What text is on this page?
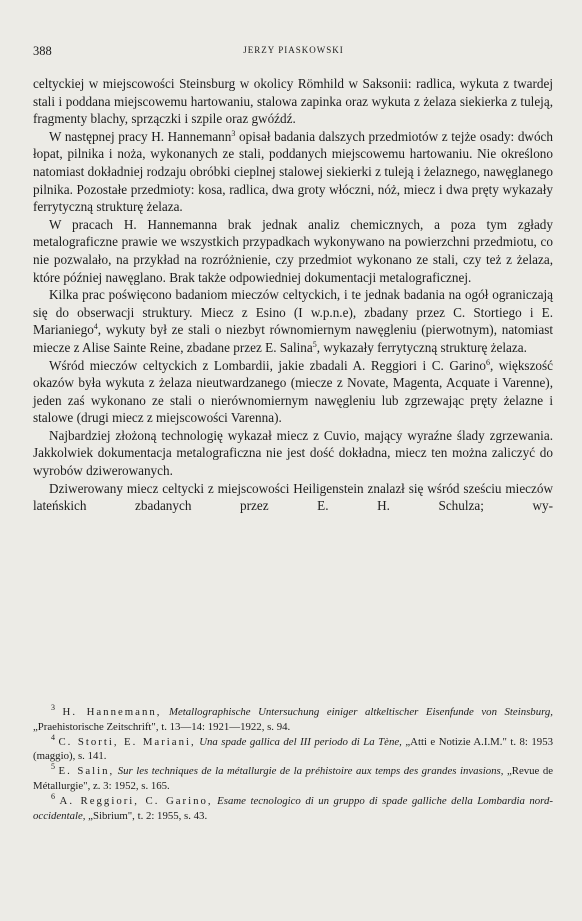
388	JERZY PIASKOWSKI

celtyckiej w miejscowości Steinsburg w okolicy Römhild w Saksonii: radlica, wykuta z twardej stali i poddana miejscowemu hartowaniu, stalowa zapinka oraz wykuta z żelaza siekierka z tuleją, fragmenty blachy, sprzączki i szpile oraz gwóźdź.

W następnej pracy H. Hannemann$^3$ opisał badania dalszych przedmiotów z tejże osady: dwóch łopat, pilnika i noża, wykonanych ze stali, poddanych miejscowemu hartowaniu. Nie określono natomiast dokładniej rodzaju obróbki cieplnej stalowej siekierki z tuleją i żelaznego, nawęglanego pilnika. Pozostałe przedmioty: kosa, radlica, dwa groty włóczni, nóż, miecz i dwa pręty wykazały ferrytyczną strukturę żelaza.

W pracach H. Hannemanna brak jednak analiz chemicznych, a poza tym zgłady metalograficzne prawie we wszystkich przypadkach wykonywano na powierzchni przedmiotu, co nie pozwalało, na przykład na rozróżnienie, czy przedmiot wykonano ze stali, czy też z żelaza, które później nawęglano. Brak także odpowiedniej dokumentacji metalograficznej.

Kilka prac poświęcono badaniom mieczów celtyckich, i te jednak badania na ogół ograniczają się do obserwacji struktury. Miecz z Esino (I w.p.n.e), zbadany przez C. Stortiego i E. Marianiego$^4$, wykuty był ze stali o niezbyt równomiernym nawęgleniu (pierwotnym), natomiast miecze z Alise Sainte Reine, zbadane przez E. Salina$^5$, wykazały ferrytyczną strukturę żelaza.

Wśród mieczów celtyckich z Lombardii, jakie zbadali A. Reggiori i C. Garino$^6$, większość okazów była wykuta z żelaza nieutwardzanego (miecze z Novate, Magenta, Acquate i Varenne), jeden zaś wykonano ze stali o nierównomiernym nawęgleniu lub zgrzewając pręty żelazne i stalowe (drugi miecz z miejscowości Varenna).

Najbardziej złożoną technologię wykazał miecz z Cuvio, mający wyraźne ślady zgrzewania. Jakkolwiek dokumentacja metalograficzna nie jest dość dokładna, miecz ten można zaliczyć do wyrobów dziwerowanych.

Dziwerowany miecz celtycki z miejscowości Heiligenstein znalazł się wśród sześciu mieczów lateńskich zbadanych przez E. H. Schulza; wy-

$^3$ H. Hannemann, Metallographische Untersuchung einiger altkeltischer Eisenfunde von Steinsburg, „Praehistorische Zeitschrift", t. 13—14: 1921—1922, s. 94.

$^4$ C. Storti, E. Mariani, Una spade gallica del III periodo di La Tène, „Atti e Notizie A.I.M." t. 8: 1953 (maggio), s. 141.

$^5$ E. Salin, Sur les techniques de la métallurgie de la préhistoire aux temps des grandes invasions, „Revue de Métallurgie", z. 3: 1952, s. 165.

$^6$ A. Reggiori, C. Garino, Esame tecnologico di un gruppo di spade galliche della Lombardia nord-occidentale, „Sibrium", t. 2: 1955, s. 43.
